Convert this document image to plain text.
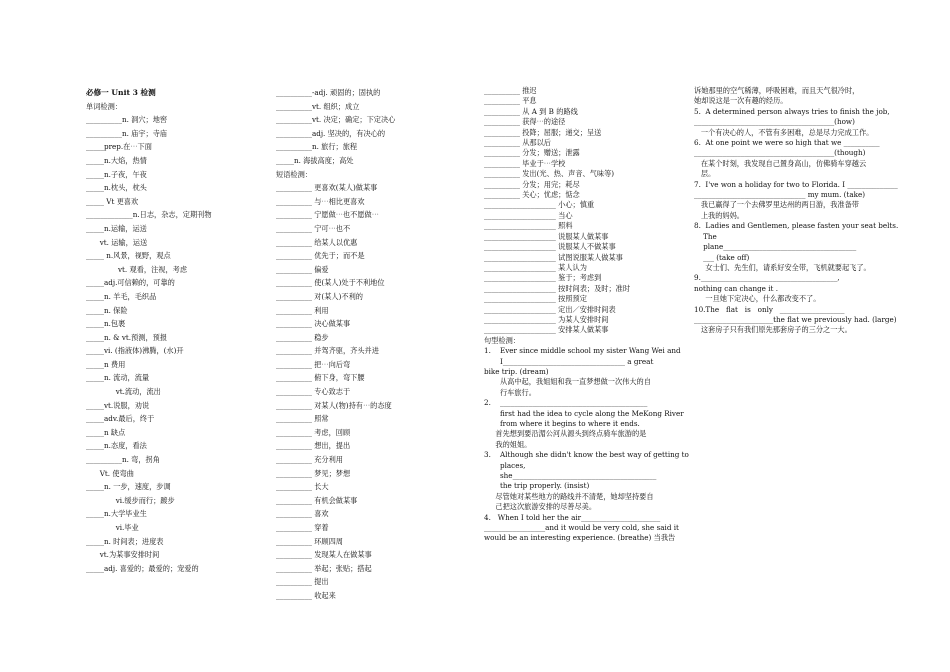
必修一 Unit 3 检测
单词检测：
__________n. 洞穴；地窖
__________n. 庙宇；寺庙
_____prep.在⋯下面
_____n.大焰，热情
_____n.子夜，午夜
_____n.枕头，枕头
_____ Vt 更喜欢
_____________n.日志，杂志，定期刊物
_____n.运输，运送
vt. 运输，运送
_____ n.风景，视野，观点
vt. 观看，注视，考虑
_____adj.可信赖的，可靠的
_____n. 羊毛，毛织品
_____n. 保险
_____n.包裹
_____n. & vt.预测，预报
_____vi. (指液体)沸腾，(水)开
_____n 费用
_____n. 流动，流量
vt.流动，流出
_____vt.说服，劝说
_____adv.最后，终于
_____n 缺点
_____n.态度，看法
__________n. 弯，拐角
Vt. 使弯曲
_____n. 一步，速度，步调
vi.缓步而行；踱步
_____n.大学毕业生
vi.毕业
_____n. 时间表；进度表
vt.为某事安排时间
_____adj. 喜爱的；最爱的；宠爱的
__________-adj. 顽固的；固执的
__________vt. 组织；成立
__________vt. 决定；确定；下定决心
__________adj. 坚决的，有决心的
__________n. 旅行；旅程
_____n. 海拔高度；高处
短语检测：
__________ 更喜欢(某人)做某事
__________ 与⋯相比更喜欢
__________ 宁愿做⋯也不愿做⋯
__________ 宁可⋯也不
__________ 给某人以优惠
__________ 优先于；而不是
__________ 偏爱
__________ 使(某人)处于不利地位
__________ 对(某人)不利的
__________ 利用
__________ 决心做某事
__________ 稳步
__________ 并驾齐驱，齐头并进
__________ 把⋯向后弯
__________ 俯下身，弯下腰
__________ 专心致志于
__________ 对某人(物)持有⋯的态度
__________ 照常
__________ 考虑，回顾
__________ 想出，提出
__________ 充分利用
__________ 梦见；梦想
__________ 长大
__________ 有机会做某事
__________ 喜欢
__________ 穿着
__________ 环顾四周
__________ 发现某人在做某事
__________ 举起；张贴；搭起
__________ 提出
__________ 收起来
__________ 推迟
__________ 平息
__________ 从 A 到 B 的路线
__________ 获得⋯的途径
__________ 投降；屈服；递交；呈送
__________ 从那以后
__________ 分发；赠送；泄露
__________ 毕业于⋯学校
__________ 发出(光、热、声音、气味等)
__________ 分发；用完；耗尽
__________ 关心；忧虑；惦念
____________________ 小心；慎重
____________________ 当心
____________________ 照料
____________________ 说服某人做某事
____________________ 说服某人不做某事
____________________ 试图说服某人做某事
____________________ 某人认为
____________________ 鉴于；考虑到
____________________ 按时间表；及时；准时
____________________ 按照预定
____________________ 定出／安排时间表
____________________ 为某人安排时间
____________________ 安排某人做某事
句型检测：
1.    Ever since middle school my sister Wang Wei and
I__________________________________ a great
bike trip. (dream)
从高中起，我姐姐和我一直梦想做一次伟大的自
行车旅行。
2.    _________________________________________
first had the idea to cycle along the MeKong River
from where it begins to where it ends.
首先想到要沿湄公河从源头到终点骑车旅游的是
我的姐姐。
3.    Although she didn't know the best way of getting to
places,
she________________________________________
the trip properly. (insist)
尽管她对某些地方的路线并不清楚，她却坚持要自
己把这次旅游安排的尽善尽美。
4.   When I told her the air______________________
_________________and it would be very cold, she said it
would be an interesting experience. (breathe) 当我告
诉她那里的空气稀薄，呼吸困难，而且天气很冷时，
她却说这是一次有趣的经历。
5.  A determined person always tries to finish the job,
_______________________________________(how)
一个有决心的人，不管有多困难，总是尽力完成工作。
6.  At one point we were so high that we __________
_______________________________________(though)
在某个时刻，我发现自己置身高山，仿佛骑车穿越云
层。
7.  I've won a holiday for two to Florida. I ______________
_______________________________ my mum. (take)
我已赢得了一个去佛罗里达州的两日游，我准备带
上我的妈妈。
8.  Ladies and Gentlemen, please fasten your seat belts.
The
plane_____________________________________
___ (take off)
女士们、先生们，请系好安全带，飞机就要起飞了。
9.______________________________________,
nothing can change it .
一旦她下定决心，什么都改变不了。
10.The   flat   is   only   __________________
______________________the flat we previously had. (large)
这套房子只有我们原先那套房子的三分之一大。
